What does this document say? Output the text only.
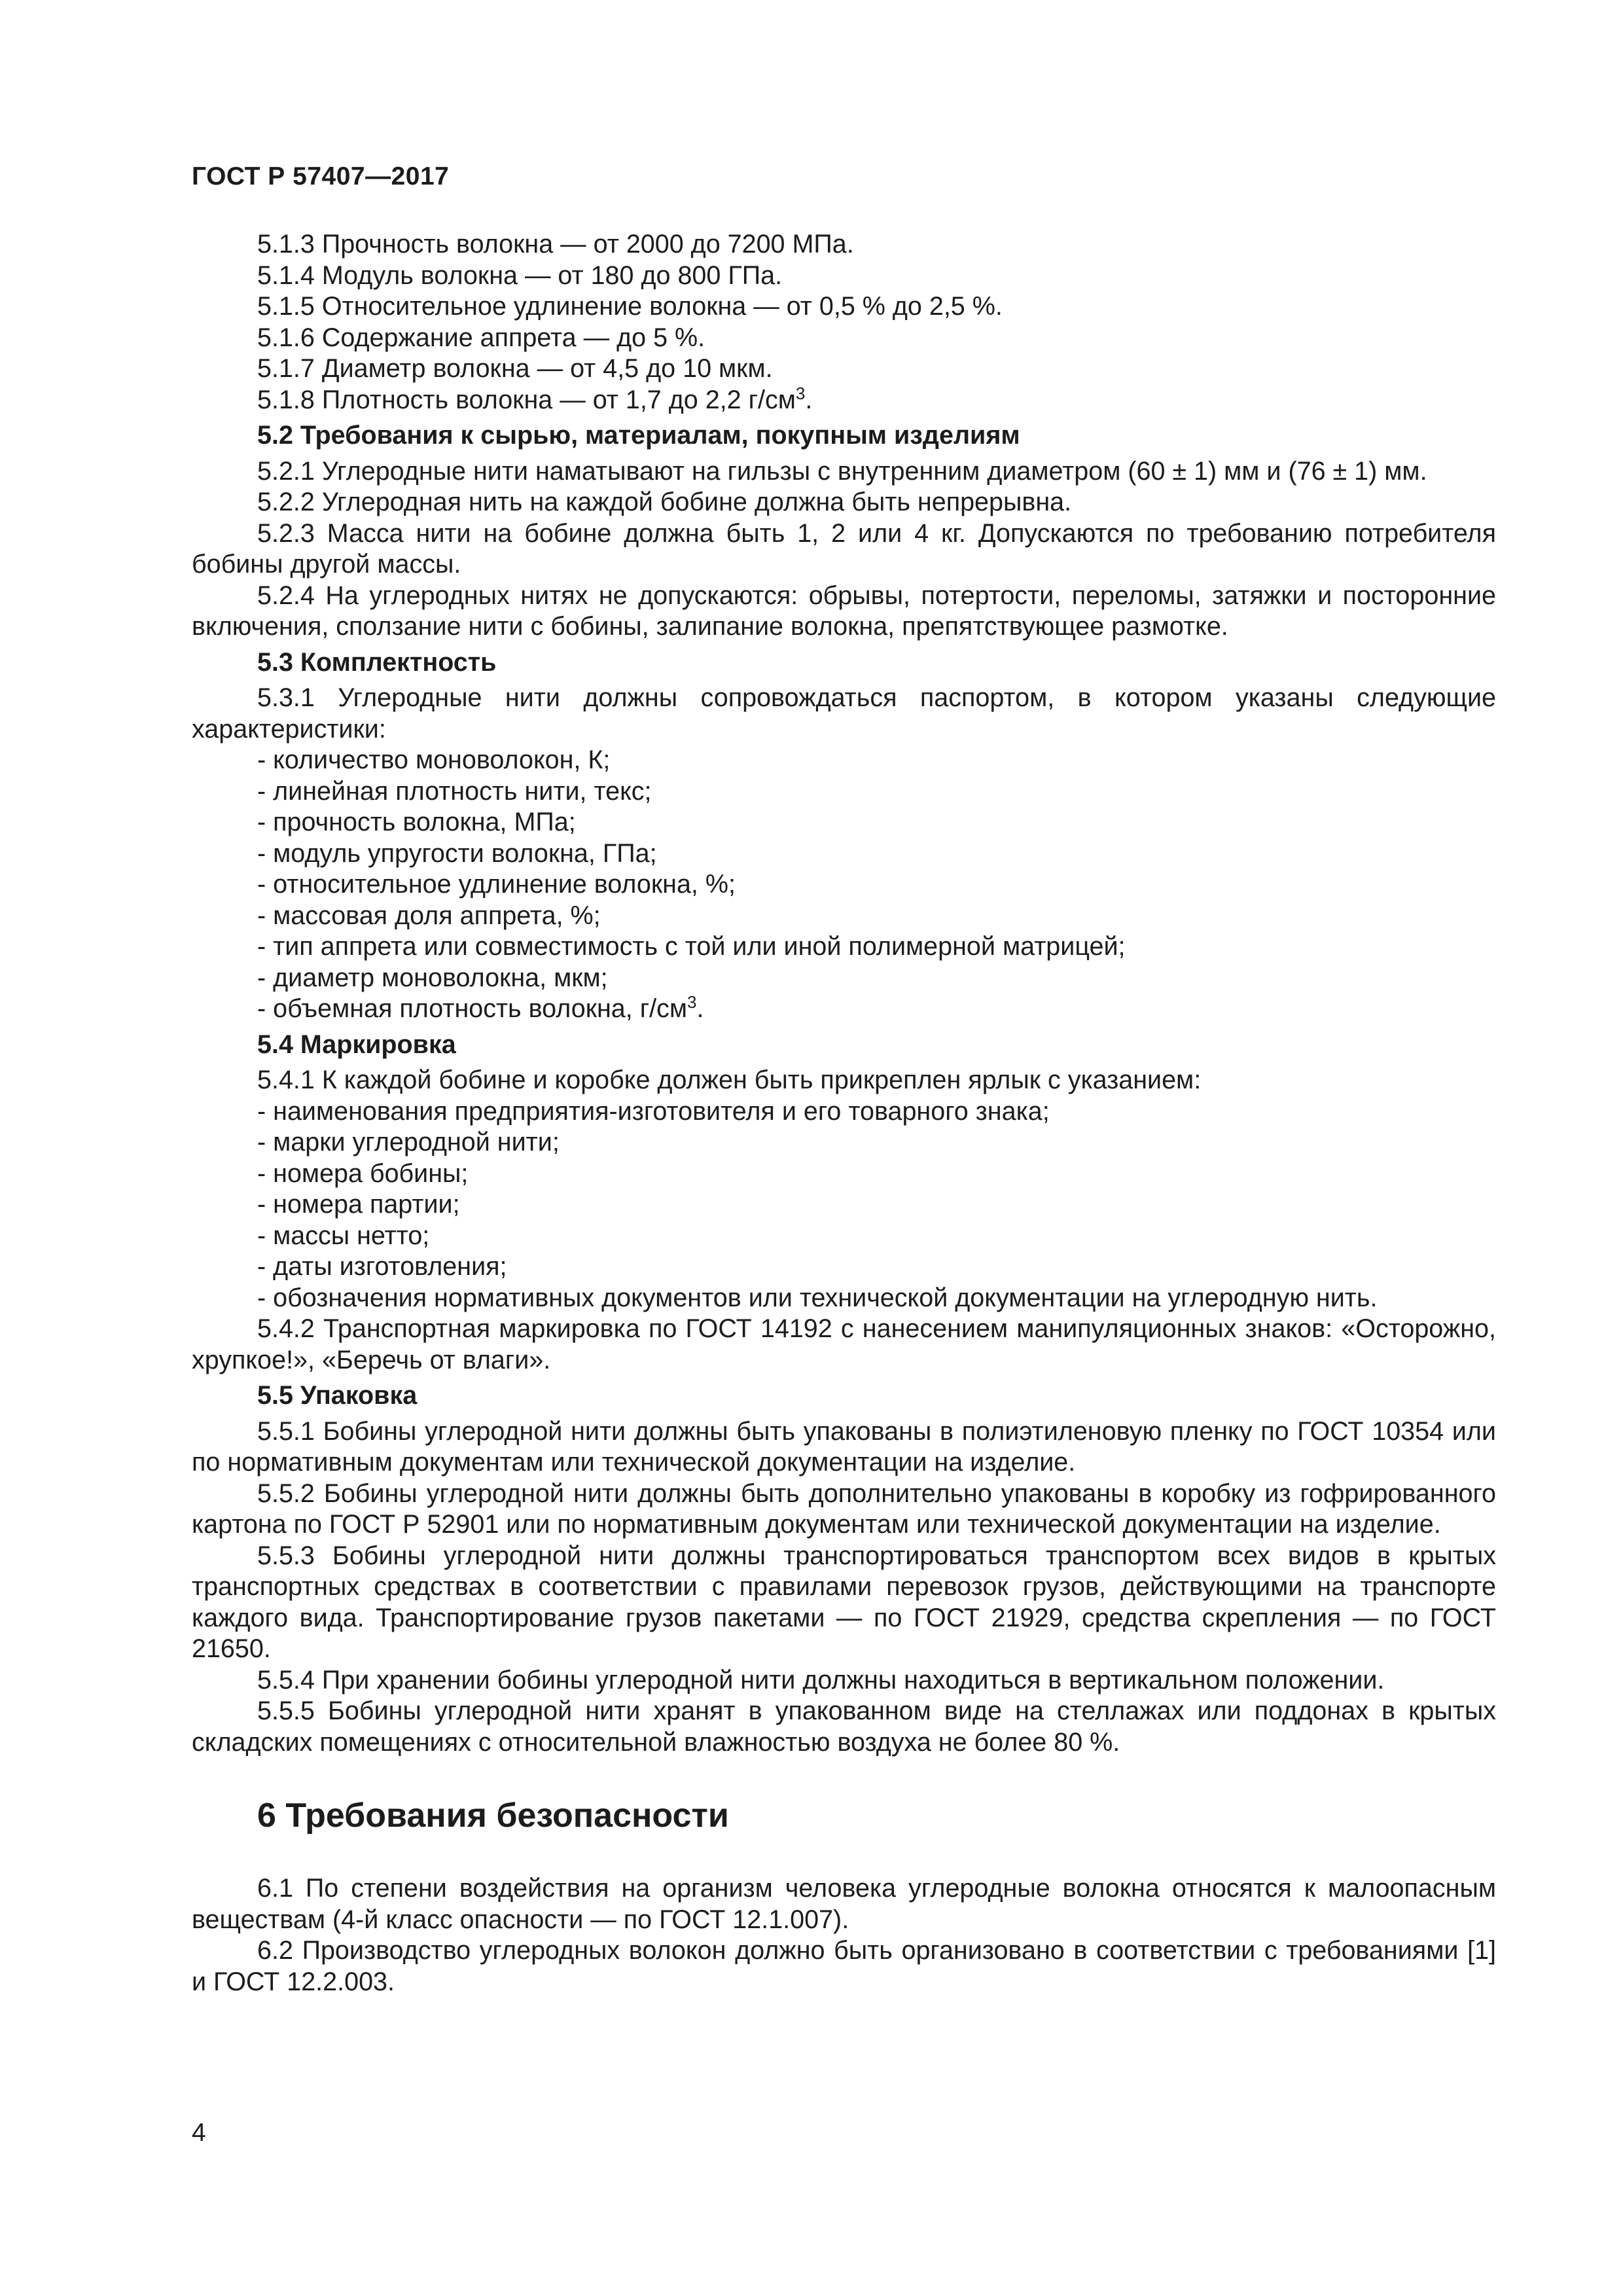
ГОСТ Р 57407—2017

5.1.3 Прочность волокна — от 2000 до 7200 МПа.

5.1.4 Модуль волокна — от 180 до 800 ГПа.

5.1.5 Относительное удлинение волокна — от 0,5 % до 2,5 %.

5.1.6 Содержание аппрета — до 5 %.

5.1.7 Диаметр волокна — от 4,5 до 10 мкм.

5.1.8 Плотность волокна — от 1,7 до 2,2 $г/см^3$.

5.2 Требования к сырью, материалам, покупным изделиям

5.2.1 Углеродные нити наматывают на гильзы с внутренним диаметром (60 ± 1) мм и (76 ± 1) мм.

5.2.2 Углеродная нить на каждой бобине должна быть непрерывна.

5.2.3 Масса нити на бобине должна быть 1, 2 или 4 кг. Допускаются по требованию потребителя бобины другой массы.

5.2.4 На углеродных нитях не допускаются: обрывы, потертости, переломы, затяжки и посторонние включения, сползание нити с бобины, залипание волокна, препятствующее размотке.

5.3 Комплектность

5.3.1 Углеродные нити должны сопровождаться паспортом, в котором указаны следующие характеристики:

- количество моноволокон, К;

- линейная плотность нити, текс;

- прочность волокна, МПа;

- модуль упругости волокна, ГПа;

- относительное удлинение волокна, %;

- массовая доля аппрета, %;

- тип аппрета или совместимость с той или иной полимерной матрицей;

- диаметр моноволокна, мкм;

- объемная плотность волокна, $г/см^3$.

5.4 Маркировка

5.4.1 К каждой бобине и коробке должен быть прикреплен ярлык с указанием:

- наименования предприятия-изготовителя и его товарного знака;

- марки углеродной нити;

- номера бобины;

- номера партии;

- массы нетто;

- даты изготовления;

- обозначения нормативных документов или технической документации на углеродную нить.

5.4.2 Транспортная маркировка по ГОСТ 14192 с нанесением манипуляционных знаков: «Осторожно, хрупкое!», «Беречь от влаги».

5.5 Упаковка

5.5.1 Бобины углеродной нити должны быть упакованы в полиэтиленовую пленку по ГОСТ 10354 или по нормативным документам или технической документации на изделие.

5.5.2 Бобины углеродной нити должны быть дополнительно упакованы в коробку из гофрированного картона по ГОСТ Р 52901 или по нормативным документам или технической документации на изделие.

5.5.3 Бобины углеродной нити должны транспортироваться транспортом всех видов в крытых транспортных средствах в соответствии с правилами перевозок грузов, действующими на транспорте каждого вида. Транспортирование грузов пакетами — по ГОСТ 21929, средства скрепления — по ГОСТ 21650.

5.5.4 При хранении бобины углеродной нити должны находиться в вертикальном положении.

5.5.5 Бобины углеродной нити хранят в упакованном виде на стеллажах или поддонах в крытых складских помещениях с относительной влажностью воздуха не более 80 %.

6 Требования безопасности

6.1 По степени воздействия на организм человека углеродные волокна относятся к малоопасным веществам (4-й класс опасности — по ГОСТ 12.1.007).

6.2 Производство углеродных волокон должно быть организовано в соответствии с требованиями [1] и ГОСТ 12.2.003.

4
